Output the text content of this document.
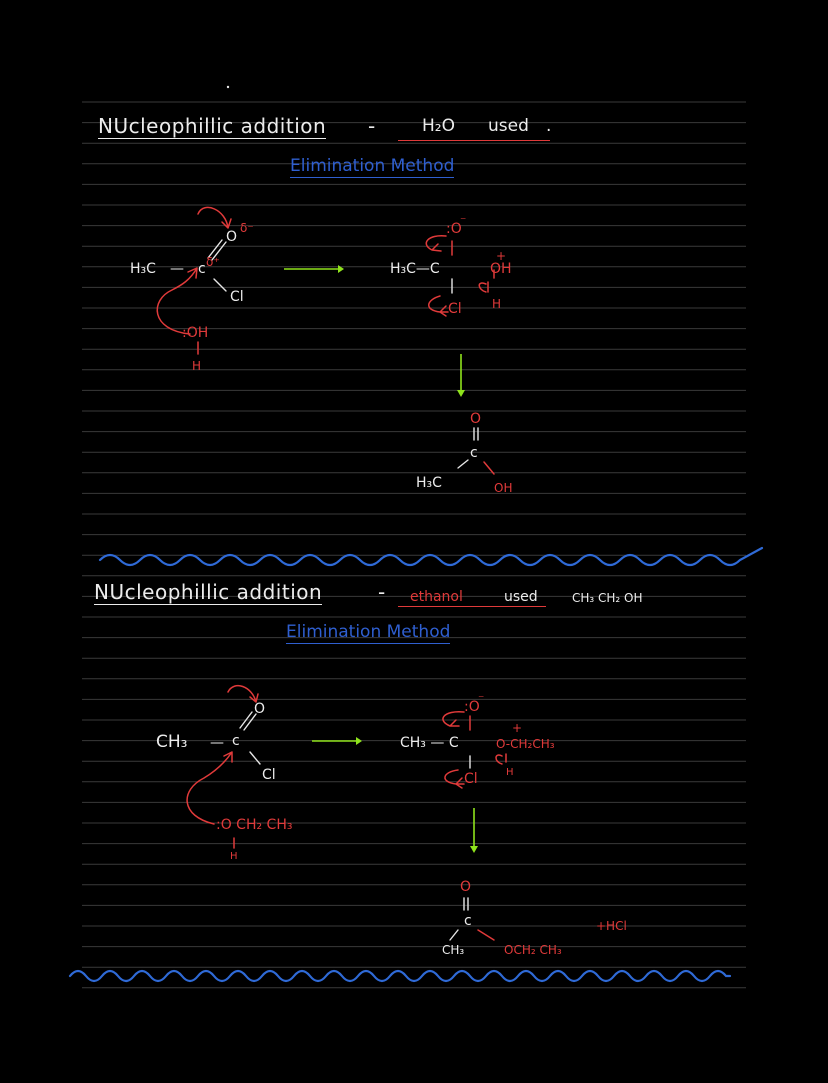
NUcleophillic addition -	H₂O used .
Elimination Method
H₃C — c
O
δ⁻
δ⁺
Cl
:OH
H
:O
⁻
H₃C—C	OH
+
H
Cl
O
c
H₃C	OH
NUcleophillic addition	- ethanol	used	CH₃ CH₂ OH
Elimination Method
CH₃ — c
O
Cl
:O CH₂ CH₃
H
:O
⁻
CH₃ — C	O-CH₂CH₃
+
H
Cl
O
c
CH₃	OCH₂ CH₃
+HCl
